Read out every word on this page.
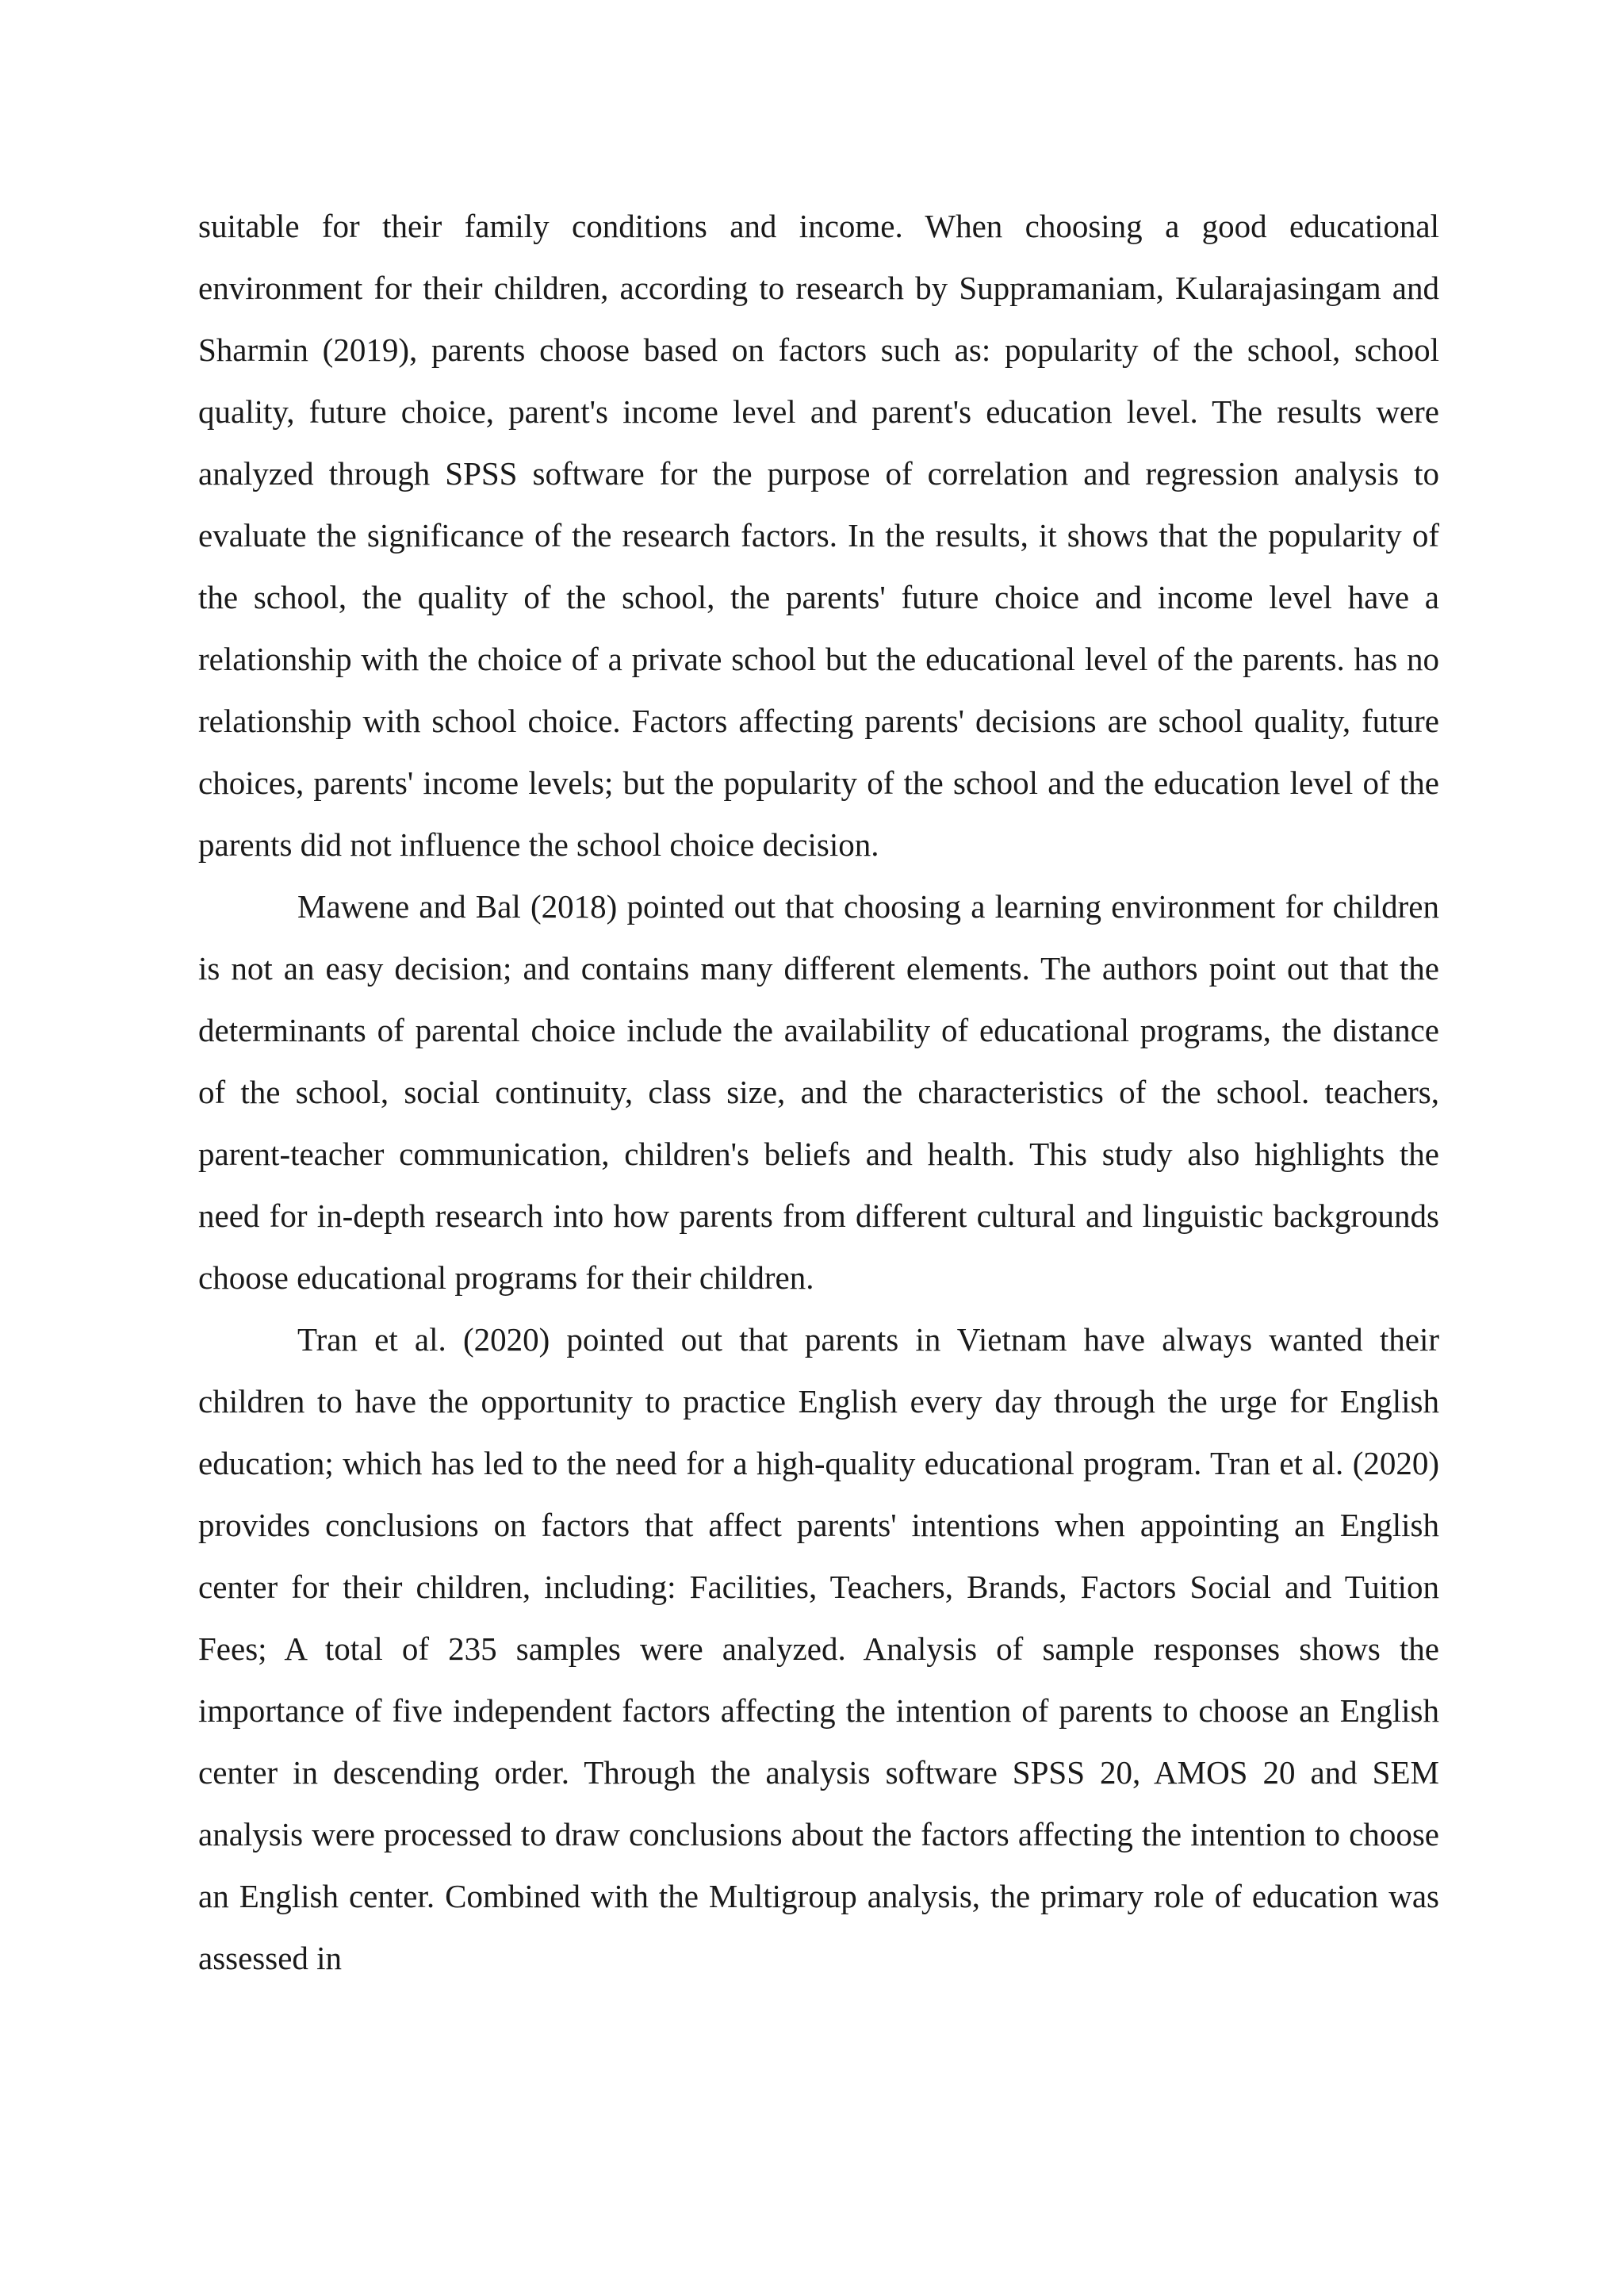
suitable for their family conditions and income. When choosing a good educational environment for their children, according to research by Suppramaniam, Kularajasingam and Sharmin (2019), parents choose based on factors such as: popularity of the school, school quality, future choice, parent's income level and parent's education level. The results were analyzed through SPSS software for the purpose of correlation and regression analysis to evaluate the significance of the research factors. In the results, it shows that the popularity of the school, the quality of the school, the parents' future choice and income level have a relationship with the choice of a private school but the educational level of the parents. has no relationship with school choice. Factors affecting parents' decisions are school quality, future choices, parents' income levels; but the popularity of the school and the education level of the parents did not influence the school choice decision.

Mawene and Bal (2018) pointed out that choosing a learning environment for children is not an easy decision; and contains many different elements. The authors point out that the determinants of parental choice include the availability of educational programs, the distance of the school, social continuity, class size, and the characteristics of the school. teachers, parent-teacher communication, children's beliefs and health. This study also highlights the need for in-depth research into how parents from different cultural and linguistic backgrounds choose educational programs for their children.

Tran et al. (2020) pointed out that parents in Vietnam have always wanted their children to have the opportunity to practice English every day through the urge for English education; which has led to the need for a high-quality educational program. Tran et al. (2020) provides conclusions on factors that affect parents' intentions when appointing an English center for their children, including: Facilities, Teachers, Brands, Factors Social and Tuition Fees; A total of 235 samples were analyzed. Analysis of sample responses shows the importance of five independent factors affecting the intention of parents to choose an English center in descending order. Through the analysis software SPSS 20, AMOS 20 and SEM analysis were processed to draw conclusions about the factors affecting the intention to choose an English center. Combined with the Multigroup analysis, the primary role of education was assessed in
